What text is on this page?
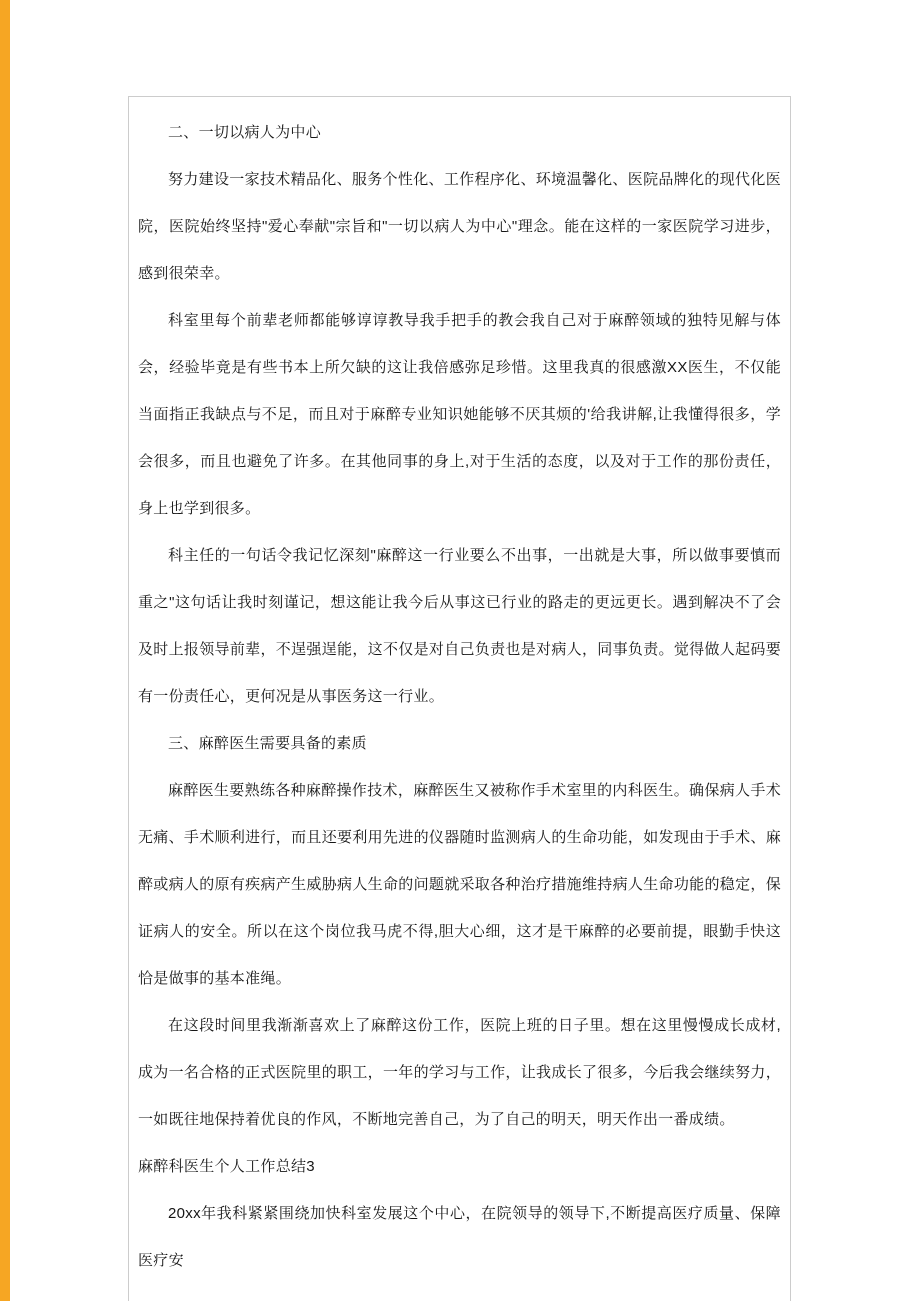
二、一切以病人为中心

努力建设一家技术精品化、服务个性化、工作程序化、环境温馨化、医院品牌化的现代化医院，医院始终坚持"爱心奉献"宗旨和"一切以病人为中心"理念。能在这样的一家医院学习进步，感到很荣幸。

科室里每个前辈老师都能够谆谆教导我手把手的教会我自己对于麻醉领域的独特见解与体会，经验毕竟是有些书本上所欠缺的这让我倍感弥足珍惜。这里我真的很感激XX医生，不仅能当面指正我缺点与不足，而且对于麻醉专业知识她能够不厌其烦的'给我讲解,让我懂得很多，学会很多，而且也避免了许多。在其他同事的身上,对于生活的态度，以及对于工作的那份责任，身上也学到很多。

科主任的一句话令我记忆深刻"麻醉这一行业要么不出事，一出就是大事，所以做事要慎而重之"这句话让我时刻谨记，想这能让我今后从事这已行业的路走的更远更长。遇到解决不了会及时上报领导前辈，不逞强逞能，这不仅是对自己负责也是对病人，同事负责。觉得做人起码要有一份责任心，更何况是从事医务这一行业。

三、麻醉医生需要具备的素质

麻醉医生要熟练各种麻醉操作技术，麻醉医生又被称作手术室里的内科医生。确保病人手术无痛、手术顺利进行，而且还要利用先进的仪器随时监测病人的生命功能，如发现由于手术、麻醉或病人的原有疾病产生威胁病人生命的问题就采取各种治疗措施维持病人生命功能的稳定，保证病人的安全。所以在这个岗位我马虎不得,胆大心细，这才是干麻醉的必要前提，眼勤手快这恰是做事的基本准绳。

在这段时间里我渐渐喜欢上了麻醉这份工作，医院上班的日子里。想在这里慢慢成长成材,成为一名合格的正式医院里的职工，一年的学习与工作，让我成长了很多，今后我会继续努力，一如既往地保持着优良的作风，不断地完善自己，为了自己的明天，明天作出一番成绩。

麻醉科医生个人工作总结3

20xx年我科紧紧围绕加快科室发展这个中心，在院领导的领导下,不断提高医疗质量、保障医疗安
